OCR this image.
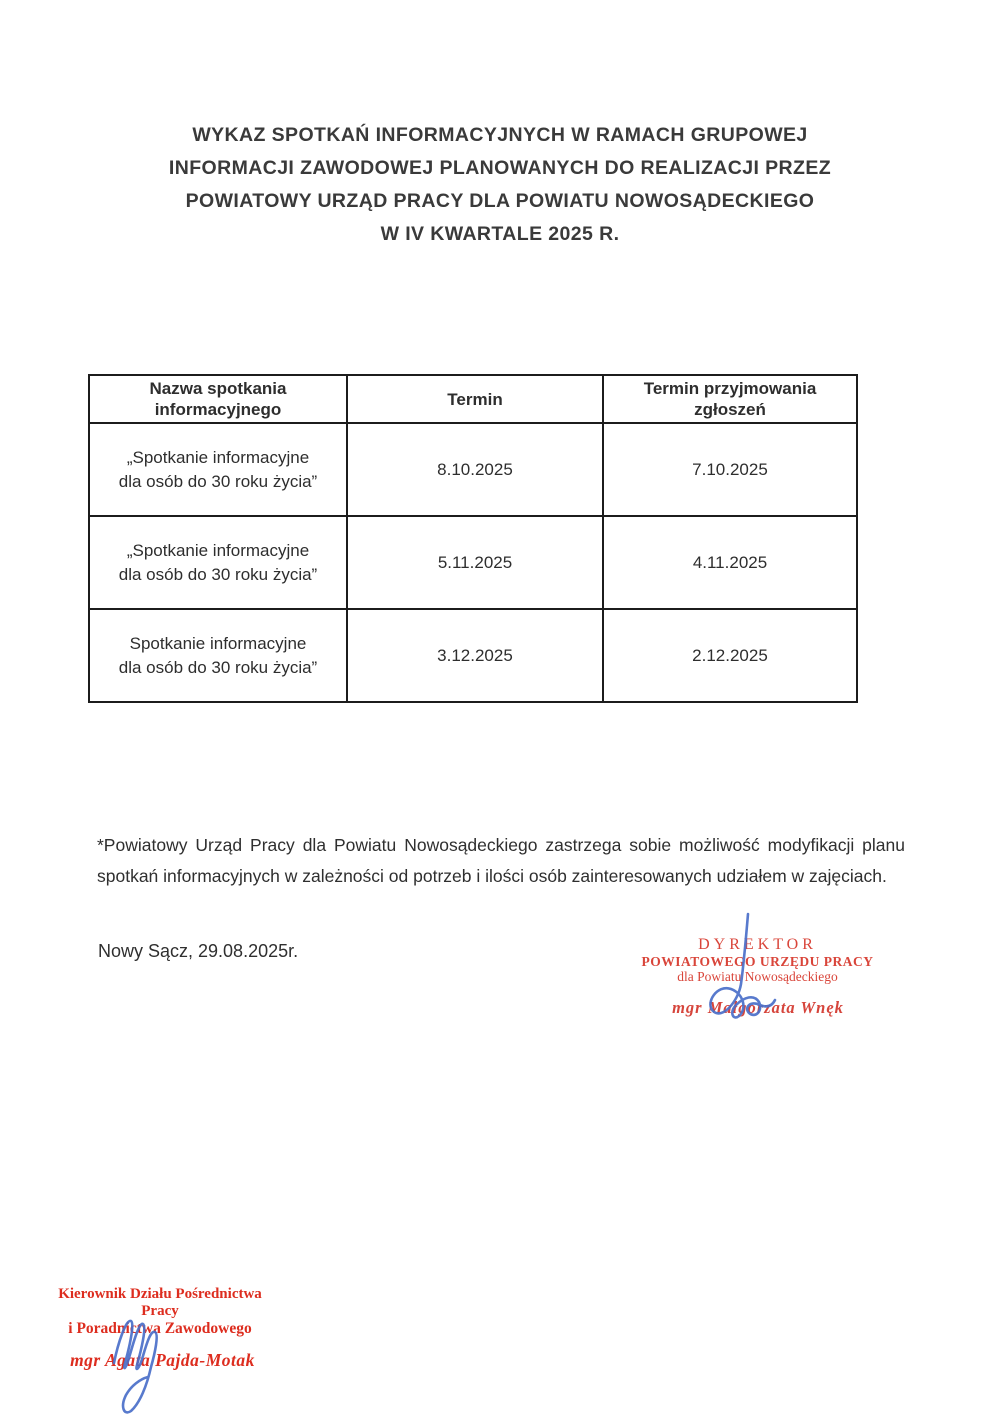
WYKAZ SPOTKAŃ INFORMACYJNYCH W RAMACH GRUPOWEJ
INFORMACJI ZAWODOWEJ PLANOWANYCH DO REALIZACJI PRZEZ
POWIATOWY URZĄD PRACY DLA POWIATU NOWOSĄDECKIEGO
W IV KWARTALE 2025 R.
Nazwa spotkania informacyjnego	Termin	Termin przyjmowania zgłoszeń

„Spotkanie informacyjne
dla osób do 30 roku życia”	8.10.2025	7.10.2025

„Spotkanie informacyjne
dla osób do 30 roku życia”	5.11.2025	4.11.2025

Spotkanie informacyjne
dla osób do 30 roku życia”	3.12.2025	2.12.2025

*Powiatowy Urząd Pracy dla Powiatu Nowosądeckiego zastrzega sobie możliwość modyfikacji planu spotkań informacyjnych w zależności od potrzeb i ilości osób zainteresowanych udziałem w zajęciach.

Nowy Sącz, 29.08.2025r.	DYREKTOR
POWIATOWEGO URZĘDU PRACY
dla Powiatu Nowosądeckiego
mgr Małgorzata Wnęk
Kierownik Działu Pośrednictwa Pracy
i Poradnictwa Zawodowego
mgr Agata Pajda-Motak
